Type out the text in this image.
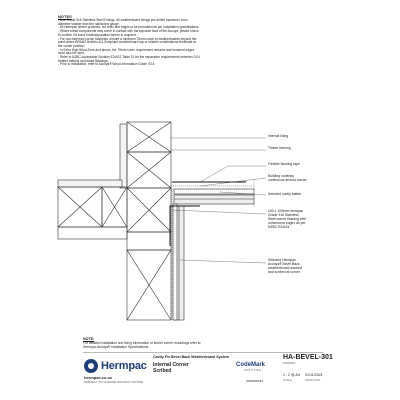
NOTES
- Use Grade 316 Stainless Steel Fixings. All weatherboard fixings pre-drilled maximum 1mm
diameter smaller than the nail/screw gauge
- All Hermpac timber products, cut ends and edges to be precoated as per Installation specifications.
- Where metal components may come in contact with the exposed face of the Accoya, please check
to confirm if a bond break/separation barrier is required.
- For non-hemmed corner flashings, ensure a minimum 75mm cover to weatherboards beyond the
point where BRANZ Bulletin 411 compliant weatherboard tap or reliable combinations terminate at
the corner position.
- In Extra High Wind Zone and above, the 75mm cover requirement remains and hemmed edges
must also be used.
- Refer to NZBC Acceptable Solution E2/AS1 Table 21 for the separation requirements between OC4
treated battens and metal flashings.
- Prior to installation, refer to Accoya® Wood Information Guide V3.8
Internal lining
Timber framing
Flexible flashing tape
Building underlay
continuous around corner
Selected cavity batten
100 x 100mm Hermpac
Grade 316 Stainless
Steel corner flashing with
unhemmed edges as per
NZBC E2/AS1
Selected Hermpac
Accoya® Bevel Back
weatherboard notched
and scribed at corner
NOTE:
For detailed installation and fixing information of timber corner mouldings refer to
Hermpac Accoya® Installation Specifications
Hermpac
hermpac.co.nz
SUBJECT TO CHANGE WITHOUT NOTICE
Cavity Fix Bevel Back Weatherboard System
Internal Corner
Scribed
CodeMark
CERTIFIED
CMNZ00184
HA-BEVEL-301
DRAWING
1 : 2 @ A4
SCALE
01/11/2021
ISSUE DATE
